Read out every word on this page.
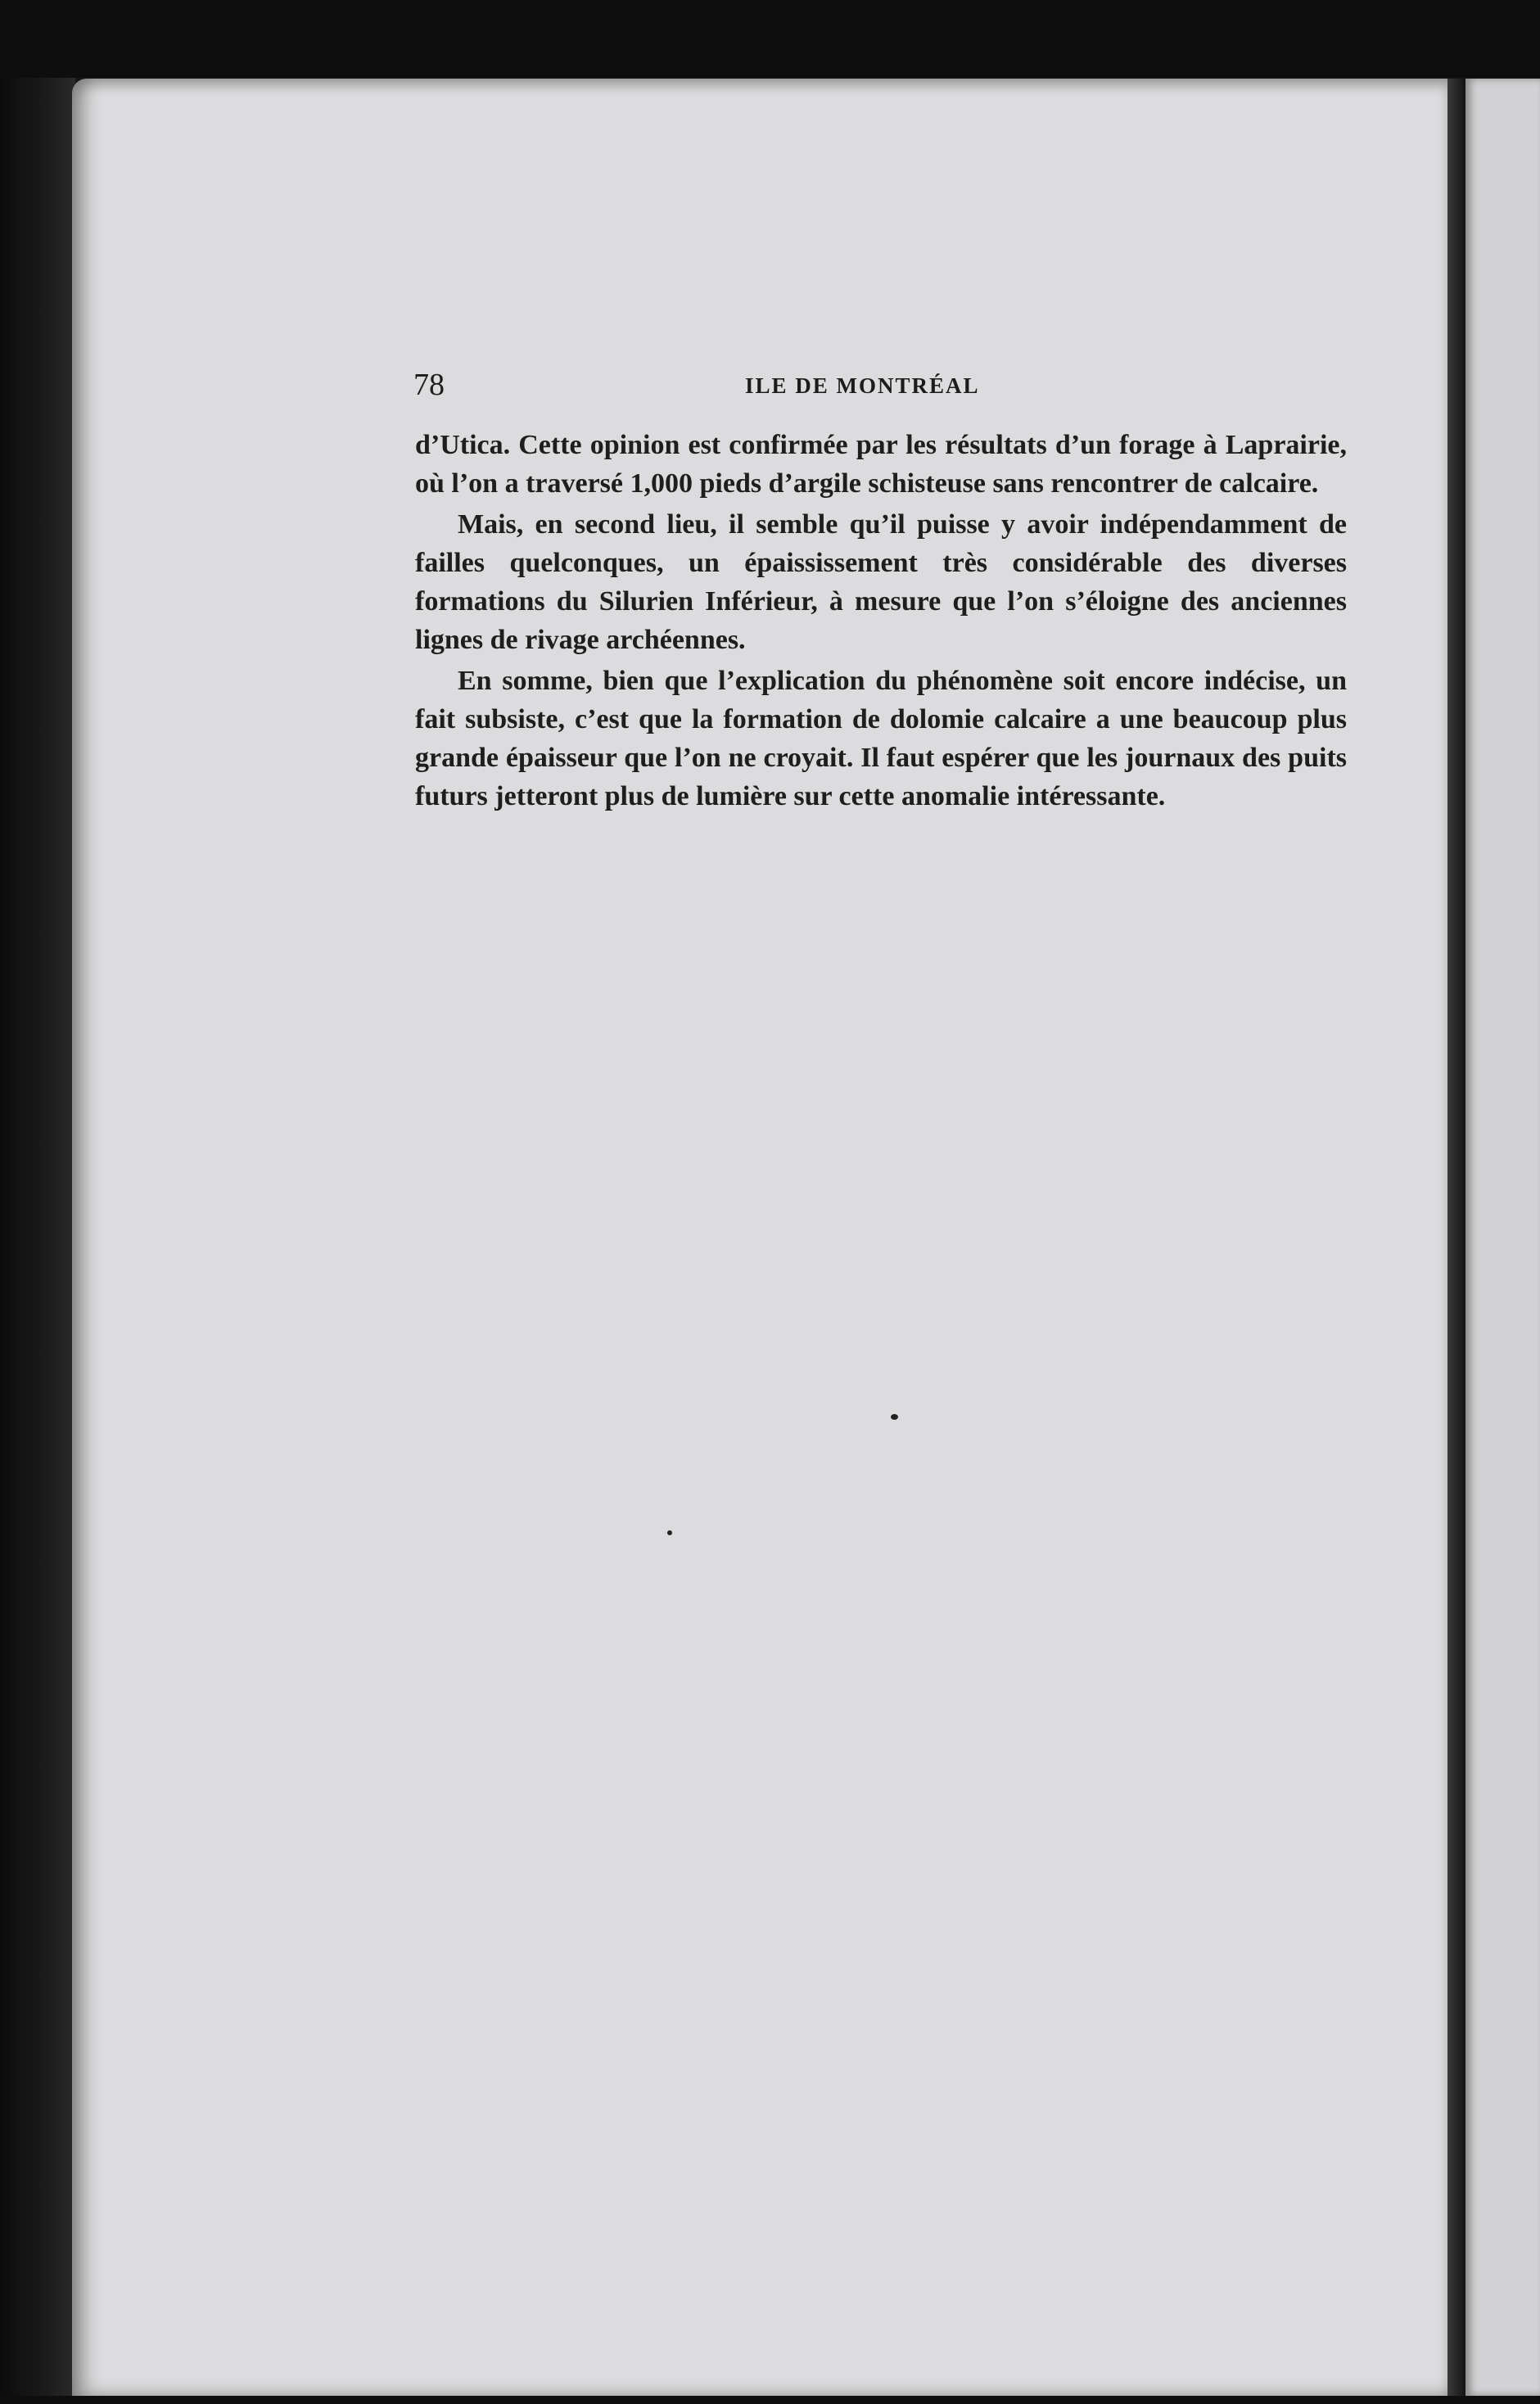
78	ILE DE MONTRÉAL

d’Utica. Cette opinion est confirmée par les résultats d’un forage à Laprairie, où l’on a traversé 1,000 pieds d’argile schisteuse sans rencontrer de calcaire.

Mais, en second lieu, il semble qu’il puisse y avoir indépendamment de failles quelconques, un épaississement très considérable des diverses formations du Silurien Inférieur, à mesure que l’on s’éloigne des anciennes lignes de rivage archéennes.

En somme, bien que l’explication du phénomène soit encore indécise, un fait subsiste, c’est que la formation de dolomie calcaire a une beaucoup plus grande épaisseur que l’on ne croyait. Il faut espérer que les journaux des puits futurs jetteront plus de lumière sur cette anomalie intéressante.
